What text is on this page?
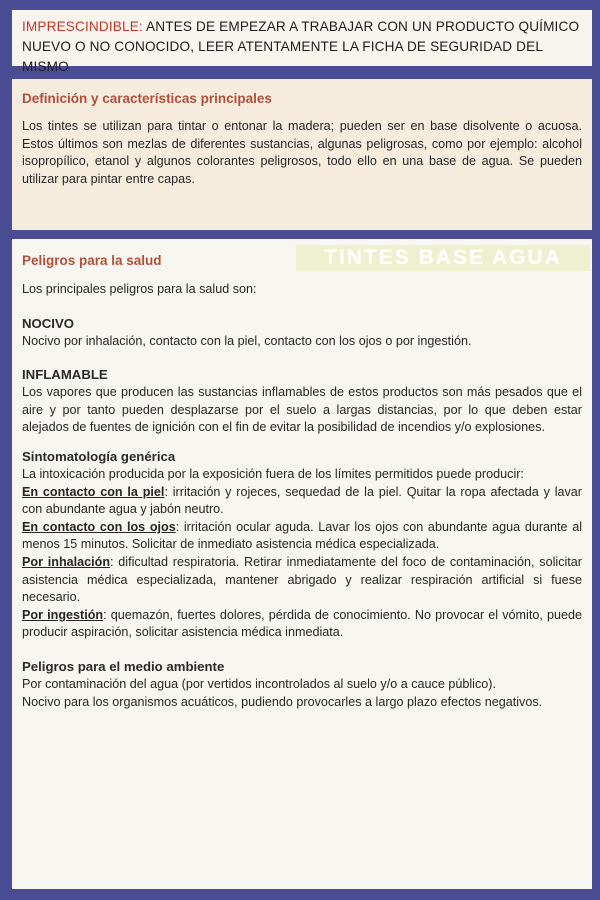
IMPRESCINDIBLE: ANTES DE EMPEZAR A TRABAJAR CON UN PRODUCTO QUÍMICO NUEVO O NO CONOCIDO, LEER ATENTAMENTE LA FICHA DE SEGURIDAD DEL MISMO
Definición y características principales

Los tintes se utilizan para tintar o entonar la madera; pueden ser en base disolvente o acuosa. Estos últimos son mezlas de diferentes sustancias, algunas peligrosas, como por ejemplo: alcohol isopropílico, etanol y algunos colorantes peligrosos, todo ello en una base de agua. Se pueden utilizar para pintar entre capas.

TINTES BASE AGUA
Peligros para la salud

Los principales peligros para la salud son:

NOCIVO

Nocivo por inhalación, contacto con la piel, contacto con los ojos o por ingestión.

INFLAMABLE

Los vapores que producen las sustancias inflamables de estos productos son más pesados que el aire y por tanto pueden desplazarse por el suelo a largas distancias, por lo que deben estar alejados de fuentes de ignición con el fin de evitar la posibilidad de incendios y/o explosiones.

Sintomatología genérica

La intoxicación producida por la exposición fuera de los límites permitidos puede producir:

En contacto con la piel: irritación y rojeces, sequedad de la piel. Quitar la ropa afectada y lavar con abundante agua y jabón neutro.

En contacto con los ojos: irritación ocular aguda. Lavar los ojos con abundante agua durante al menos 15 minutos. Solicitar de inmediato asistencia médica especializada.

Por inhalación: dificultad respiratoria. Retirar inmediatamente del foco de contaminación, solicitar asistencia médica especializada, mantener abrigado y realizar respiración artificial si fuese necesario.

Por ingestión: quemazón, fuertes dolores, pérdida de conocimiento. No provocar el vómito, puede producir aspiración, solicitar asistencia médica inmediata.

Peligros para el medio ambiente

Por contaminación del agua (por vertidos incontrolados al suelo y/o a cauce público).

Nocivo para los organismos acuáticos, pudiendo provocarles a largo plazo efectos negativos.
